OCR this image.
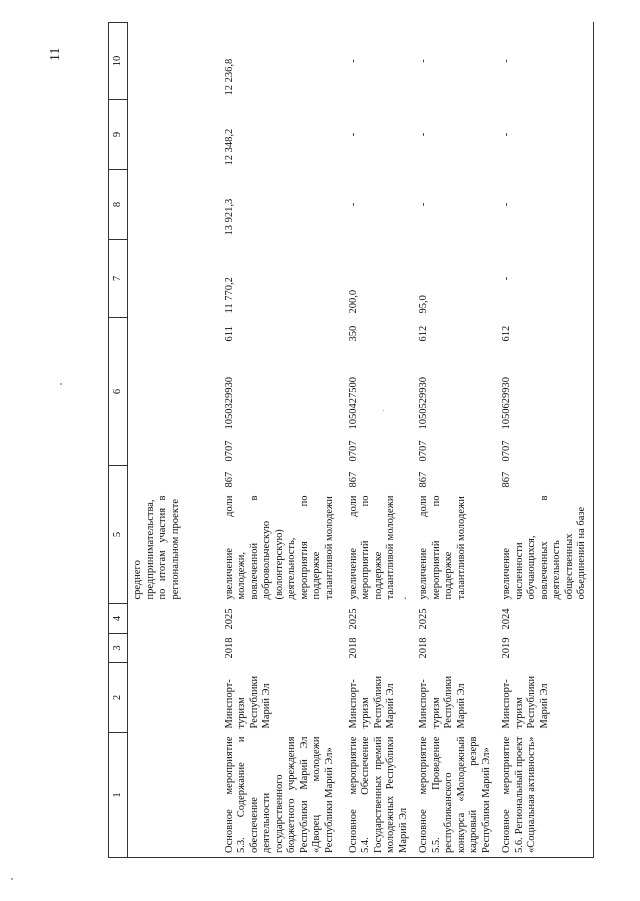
11
1	2	3	4	5		6			7	8	9	10
				среднего предпринимательства, по итогам участия в региональном проекте								
Основное мероприятие 5.3. Содержание и обеспечение деятельности государственного бюджетного учреждения Республики Марий Эл «Дворец молодежи Республики Марий Эл»	Минспорт-туризм Республики Марий Эл	2018	2025	увеличение доли молодежи, вовлеченной в добровольческую (волонтерскую) деятельность, мероприятия по поддержке талантливой молодежи	867	0707	1050329930	611	11 770,2	13 921,3	12 348,2	12 236,8
Основное мероприятие 5.4. Обеспечение Государственных премий молодежных Республики Марий Эл	Минспорт-туризм Республики Марий Эл	2018	2025	увеличение доли мероприятий по поддержке талантливой молодежи .	867	0707	1050427500	350	200,0	-	-	-
Основное мероприятие 5.5. Проведение республиканского конкурса «Молодежный кадровый резерв Республики Марий Эл»	Минспорт-туризм Республики Марий Эл	2018	2025	увеличение доли мероприятий по поддержке талантливой молодежи	867	0707	1050529930	612	95,0	-	-	-
Основное мероприятие 5.6. Региональный проект «Социальная активность»	Минспорт-туризм Республики Марий Эл	2019	2024	увеличение численности обучающихся, вовлеченных в деятельность общественных объединений на базе	867	0707	1050629930	612	-	-	-	-
